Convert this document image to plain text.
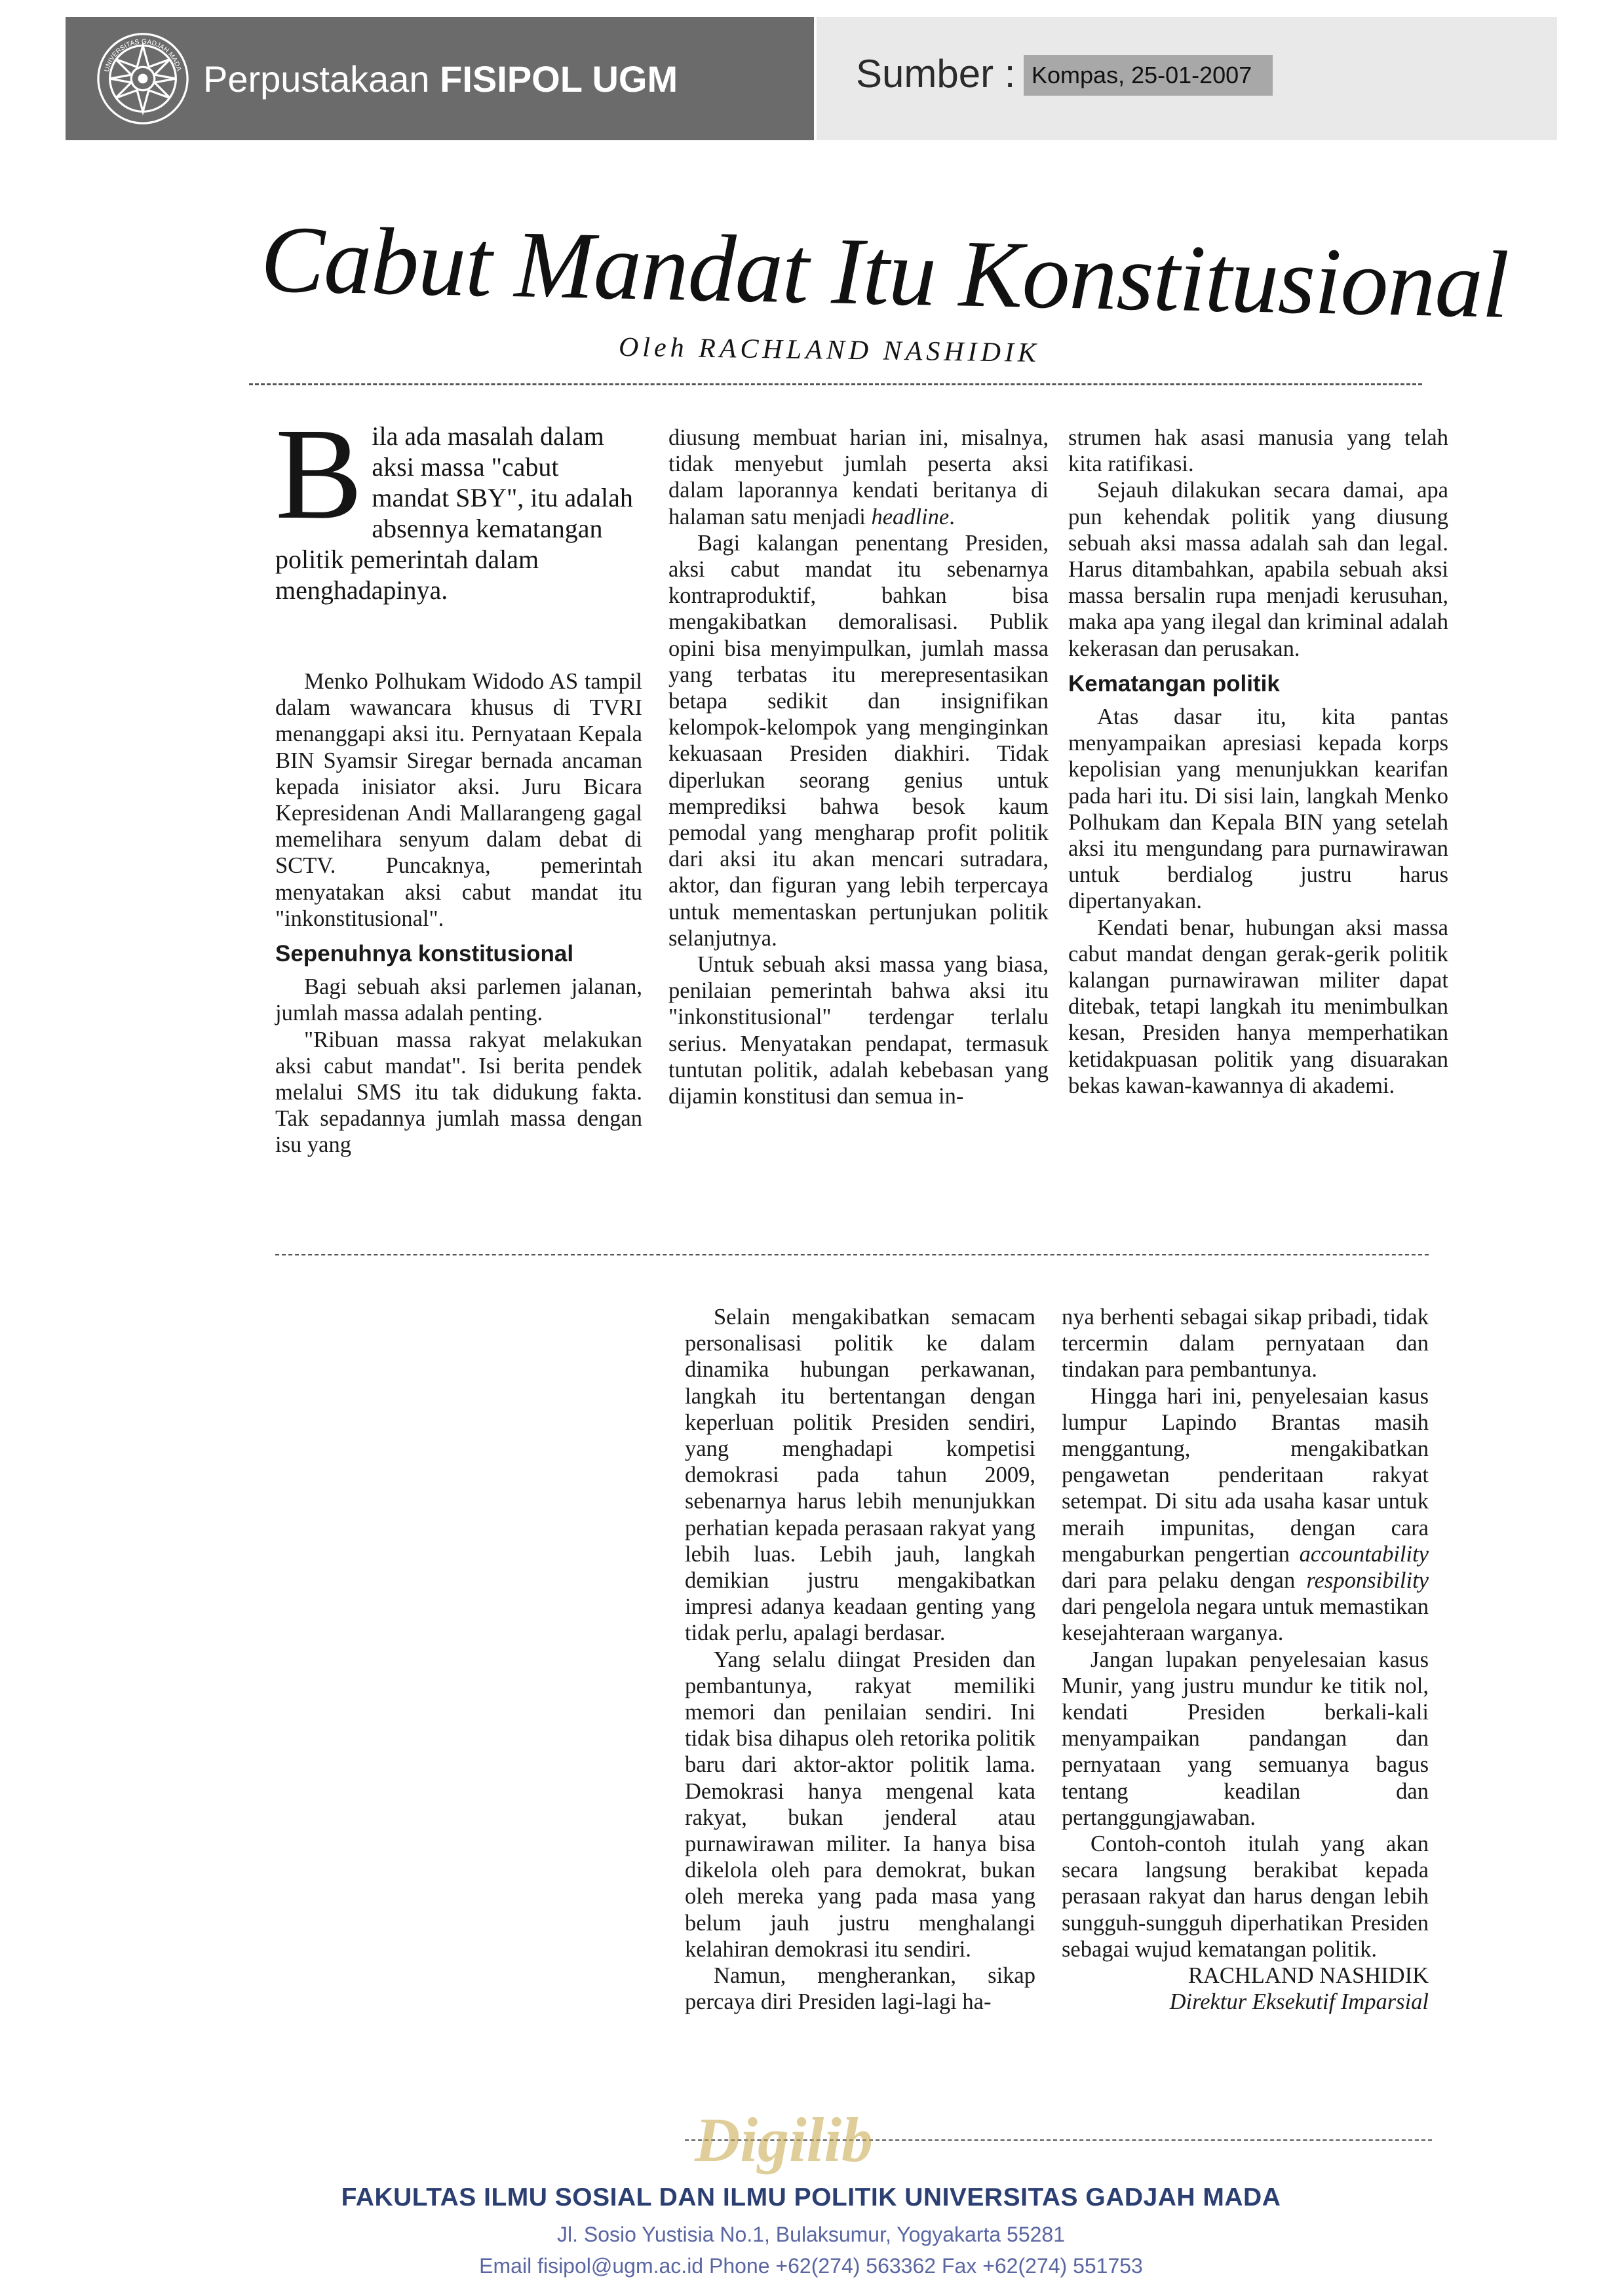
UNIVERSITAS GADJAH MADA Perpustakaan FISIPOL UGM	Sumber : Kompas, 25-01-2007
Cabut Mandat Itu Konstitusional
Oleh RACHLAND NASHIDIK
Bila ada masalah dalam aksi massa "cabut mandat SBY", itu adalah absennya kematangan politik pemerintah dalam menghadapinya.

Menko Polhukam Widodo AS tampil dalam wawancara khusus di TVRI menanggapi aksi itu. Pernyataan Kepala BIN Syamsir Siregar bernada ancaman kepada inisiator aksi. Juru Bicara Kepresidenan Andi Mallarangeng gagal memelihara senyum dalam debat di SCTV. Puncaknya, pemerintah menyatakan aksi cabut mandat itu "inkonstitusional".

Sepenuhnya konstitusional

Bagi sebuah aksi parlemen jalanan, jumlah massa adalah penting.

"Ribuan massa rakyat melakukan aksi cabut mandat". Isi berita pendek melalui SMS itu tak didukung fakta. Tak sepadannya jumlah massa dengan isu yang

diusung membuat harian ini, misalnya, tidak menyebut jumlah peserta aksi dalam laporannya kendati beritanya di halaman satu menjadi headline.

Bagi kalangan penentang Presiden, aksi cabut mandat itu sebenarnya kontraproduktif, bahkan bisa mengakibatkan demoralisasi. Publik opini bisa menyimpulkan, jumlah massa yang terbatas itu merepresentasikan betapa sedikit dan insignifikan kelompok-kelompok yang menginginkan kekuasaan Presiden diakhiri. Tidak diperlukan seorang genius untuk memprediksi bahwa besok kaum pemodal yang mengharap profit politik dari aksi itu akan mencari sutradara, aktor, dan figuran yang lebih terpercaya untuk mementaskan pertunjukan politik selanjutnya.

Untuk sebuah aksi massa yang biasa, penilaian pemerintah bahwa aksi itu "inkonstitusional" terdengar terlalu serius. Menyatakan pendapat, termasuk tuntutan politik, adalah kebebasan yang dijamin konstitusi dan semua in-

strumen hak asasi manusia yang telah kita ratifikasi.

Sejauh dilakukan secara damai, apa pun kehendak politik yang diusung sebuah aksi massa adalah sah dan legal. Harus ditambahkan, apabila sebuah aksi massa bersalin rupa menjadi kerusuhan, maka apa yang ilegal dan kriminal adalah kekerasan dan perusakan.

Kematangan politik

Atas dasar itu, kita pantas menyampaikan apresiasi kepada korps kepolisian yang menunjukkan kearifan pada hari itu. Di sisi lain, langkah Menko Polhukam dan Kepala BIN yang setelah aksi itu mengundang para purnawirawan untuk berdialog justru harus dipertanyakan.

Kendati benar, hubungan aksi massa cabut mandat dengan gerak-gerik politik kalangan purnawirawan militer dapat ditebak, tetapi langkah itu menimbulkan kesan, Presiden hanya memperhatikan ketidakpuasan politik yang disuarakan bekas kawan-kawannya di akademi.

Selain mengakibatkan semacam personalisasi politik ke dalam dinamika hubungan perkawanan, langkah itu bertentangan dengan keperluan politik Presiden sendiri, yang menghadapi kompetisi demokrasi pada tahun 2009, sebenarnya harus lebih menunjukkan perhatian kepada perasaan rakyat yang lebih luas. Lebih jauh, langkah demikian justru mengakibatkan impresi adanya keadaan genting yang tidak perlu, apalagi berdasar.

Yang selalu diingat Presiden dan pembantunya, rakyat memiliki memori dan penilaian sendiri. Ini tidak bisa dihapus oleh retorika politik baru dari aktor-aktor politik lama. Demokrasi hanya mengenal kata rakyat, bukan jenderal atau purnawirawan militer. Ia hanya bisa dikelola oleh para demokrat, bukan oleh mereka yang pada masa yang belum jauh justru menghalangi kelahiran demokrasi itu sendiri.

Namun, mengherankan, sikap percaya diri Presiden lagi-lagi ha-

nya berhenti sebagai sikap pribadi, tidak tercermin dalam pernyataan dan tindakan para pembantunya.

Hingga hari ini, penyelesaian kasus lumpur Lapindo Brantas masih menggantung, mengakibatkan pengawetan penderitaan rakyat setempat. Di situ ada usaha kasar untuk meraih impunitas, dengan cara mengaburkan pengertian accountability dari para pelaku dengan responsibility dari pengelola negara untuk memastikan kesejahteraan warganya.

Jangan lupakan penyelesaian kasus Munir, yang justru mundur ke titik nol, kendati Presiden berkali-kali menyampaikan pandangan dan pernyataan yang semuanya bagus tentang keadilan dan pertanggungjawaban.

Contoh-contoh itulah yang akan secara langsung berakibat kepada perasaan rakyat dan harus dengan lebih sungguh-sungguh diperhatikan Presiden sebagai wujud kematangan politik.

RACHLAND NASHIDIK

Direktur Eksekutif Imparsial

Digilib
FAKULTAS ILMU SOSIAL DAN ILMU POLITIK UNIVERSITAS GADJAH MADA
Jl. Sosio Yustisia No.1, Bulaksumur, Yogyakarta 55281
Email fisipol@ugm.ac.id Phone +62(274) 563362 Fax +62(274) 551753
